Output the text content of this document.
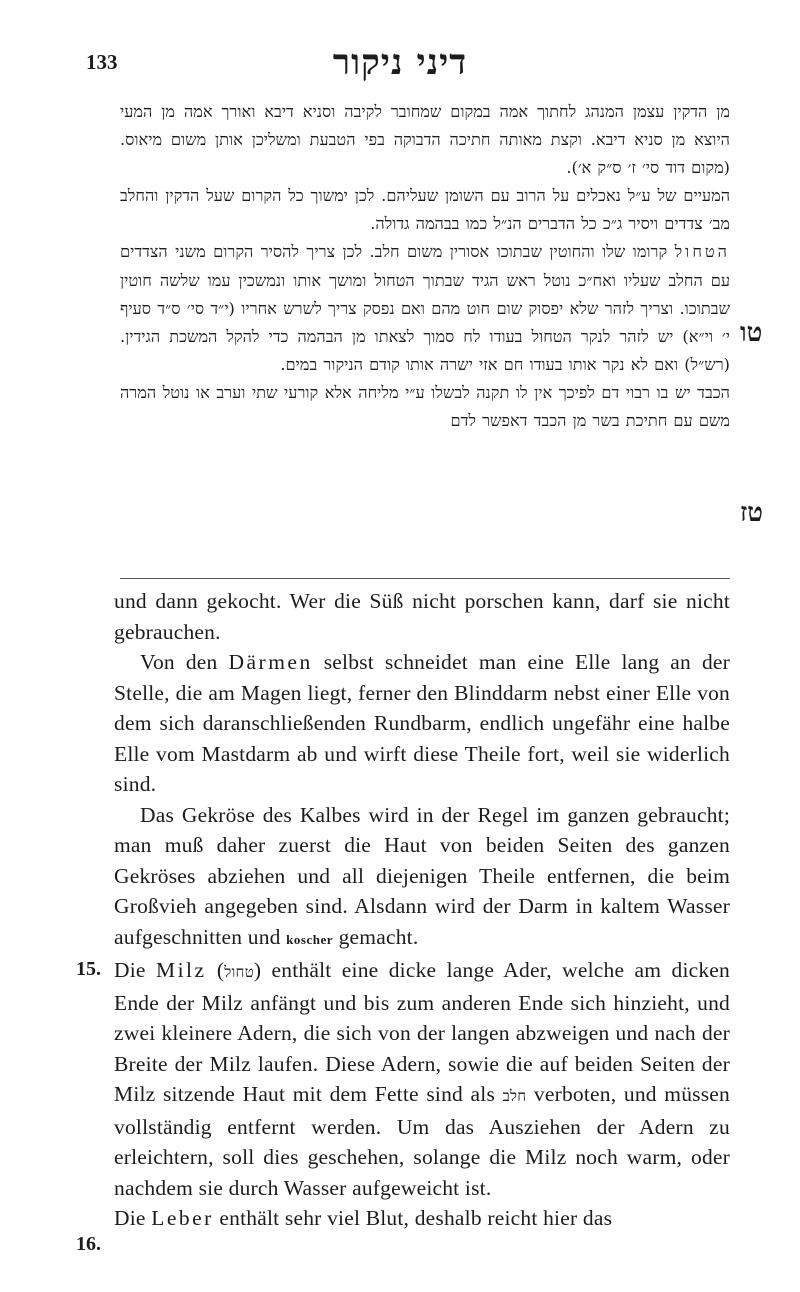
133	דיני ניקור

מן הדקין עצמן המנהג לחתוך אמה במקום שמחובר לקיבה וסניא דיבא ואורך אמה מן המעי היוצא מן סניא דיבא. וקצת מאותה חתיכה הדבוקה בפי הטבעת ומשליכן אותן משום מיאוס. (מקום דוד סי׳ ז׳ ס״ק א׳).

המעיים של ע״ל נאכלים על הרוב עם השומן שעליהם. לכן ימשוך כל הקרום שעל הדקין והחלב מב׳ צדדים ויסיר ג״כ כל הדברים הנ״ל כמו בבהמה גדולה.

הטחול קרומו שלו והחוטין שבתוכו אסורין משום חלב. לכן צריך להסיר הקרום משני הצדדים עם החלב שעליו ואח״כ נוטל ראש הגיד שבתוך הטחול ומושך אותו ונמשכין עמו שלשה חוטין שבתוכו. וצריך לזהר שלא יפסוק שום חוט מהם ואם נפסק צריך לשרש אחריו (י״ד סי׳ ס״ד סעיף י׳ וי״א) יש לזהר לנקר הטחול בעודו לח סמוך לצאתו מן הבהמה כדי להקל המשכת הגידין. (רש״ל) ואם לא נקר אותו בעודו חם אזי ישרה אותו קודם הניקור במים.

הכבד יש בו רבוי דם לפיכך אין לו תקנה לבשלו ע״י מליחה אלא קורעי שתי וערב או נוטל המרה משם עם חתיכת בשר מן הכבד דאפשר לדם

טו
טז

und dann gekocht. Wer die Süß nicht porschen kann, darf sie nicht gebrauchen.

Von den Därmen selbst schneidet man eine Elle lang an der Stelle, die am Magen liegt, ferner den Blinddarm nebst einer Elle von dem sich daranschließenden Rundbarm, endlich ungefähr eine halbe Elle vom Mastdarm ab und wirft diese Theile fort, weil sie widerlich sind.

Das Gekröse des Kalbes wird in der Regel im ganzen gebraucht; man muß daher zuerst die Haut von beiden Seiten des ganzen Gekröses abziehen und all diejenigen Theile entfernen, die beim Großvieh angegeben sind. Alsdann wird der Darm in kaltem Wasser aufgeschnitten und koscher gemacht.

Die Milz (טחול) enthält eine dicke lange Ader, welche am dicken Ende der Milz anfängt und bis zum anderen Ende sich hinzieht, und zwei kleinere Adern, die sich von der langen abzweigen und nach der Breite der Milz laufen. Diese Adern, sowie die auf beiden Seiten der Milz sitzende Haut mit dem Fette sind als חלב verboten, und müssen vollständig entfernt werden. Um das Ausziehen der Adern zu erleichtern, soll dies geschehen, solange die Milz noch warm, oder nachdem sie durch Wasser aufgeweicht ist.

Die Leber enthält sehr viel Blut, deshalb reicht hier das

15.
16.
